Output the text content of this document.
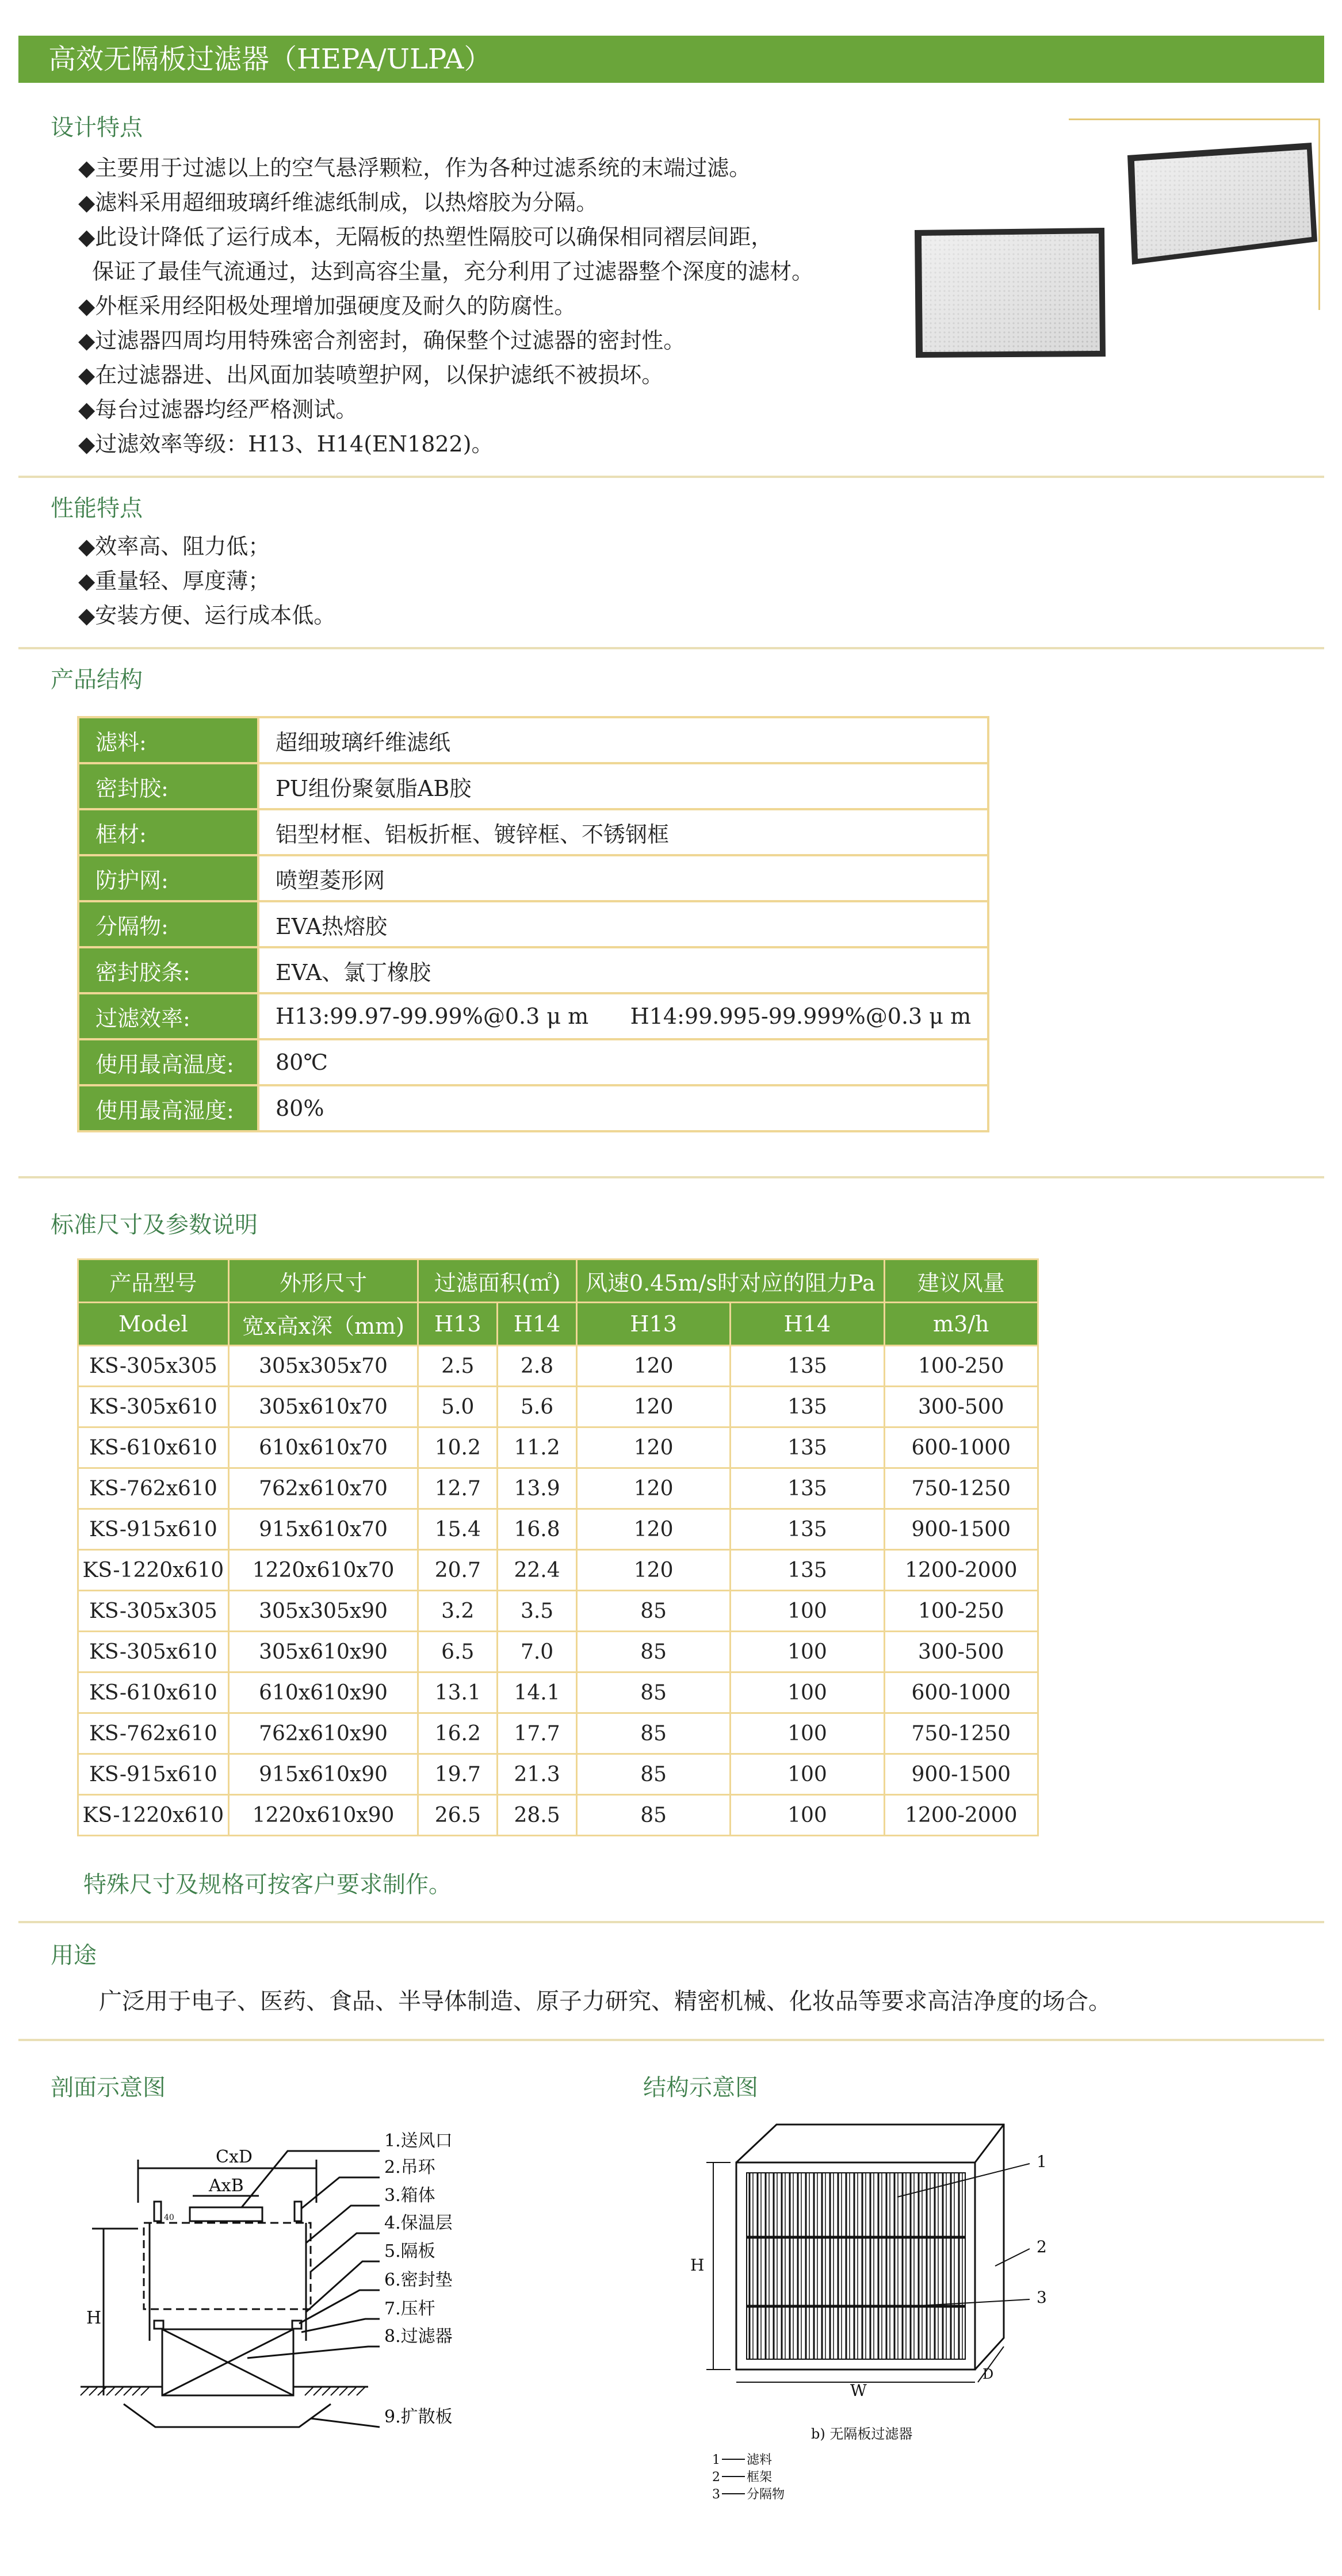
高效无隔板过滤器（HEPA/ULPA）
设计特点
◆主要用于过滤以上的空气悬浮颗粒，作为各种过滤系统的末端过滤。
◆滤料采用超细玻璃纤维滤纸制成，以热熔胶为分隔。
◆此设计降低了运行成本，无隔板的热塑性隔胶可以确保相同褶层间距，
保证了最佳气流通过，达到高容尘量，充分利用了过滤器整个深度的滤材。
◆外框采用经阳极处理增加强硬度及耐久的防腐性。
◆过滤器四周均用特殊密合剂密封，确保整个过滤器的密封性。
◆在过滤器进、出风面加装喷塑护网，以保护滤纸不被损坏。
◆每台过滤器均经严格测试。
◆过滤效率等级：H13、H14(EN1822)。
性能特点
◆效率高、阻力低；
◆重量轻、厚度薄；
◆安装方便、运行成本低。
产品结构
滤料:	超细玻璃纤维滤纸
密封胶:	PU组份聚氨脂AB胶
框材:	铝型材框、铝板折框、镀锌框、不锈钢框
防护网:	喷塑菱形网
分隔物:	EVA热熔胶
密封胶条:	EVA、氯丁橡胶
过滤效率:	H13:99.97-99.99%@0.3 μ m      H14:99.995-99.999%@0.3 μ m
使用最高温度:	80℃
使用最高湿度:	80%
标准尺寸及参数说明
产品型号	外形尺寸	过滤面积(㎡)		风速0.45m/s时对应的阻力Pa		建议风量
Model	宽x高x深（mm)	H13	H14	H13	H14	m3/h
KS-305x305	305x305x70	2.5	2.8	120	135	100-250
KS-305x610	305x610x70	5.0	5.6	120	135	300-500
KS-610x610	610x610x70	10.2	11.2	120	135	600-1000
KS-762x610	762x610x70	12.7	13.9	120	135	750-1250
KS-915x610	915x610x70	15.4	16.8	120	135	900-1500
KS-1220x610	1220x610x70	20.7	22.4	120	135	1200-2000
KS-305x305	305x305x90	3.2	3.5	85	100	100-250
KS-305x610	305x610x90	6.5	7.0	85	100	300-500
KS-610x610	610x610x90	13.1	14.1	85	100	600-1000
KS-762x610	762x610x90	16.2	17.7	85	100	750-1250
KS-915x610	915x610x90	19.7	21.3	85	100	900-1500
KS-1220x610	1220x610x90	26.5	28.5	85	100	1200-2000
特殊尺寸及规格可按客户要求制作。
用途
广泛用于电子、医药、食品、半导体制造、原子力研究、精密机械、化妆品等要求高洁净度的场合。
剖面示意图	结构示意图
CxD
AxB
H
40
1.送风口
2.吊环
3.箱体
4.保温层
5.隔板
6.密封垫
7.压杆
8.过滤器
9.扩散板
1
2
3
H
W
D
b) 无隔板过滤器
1 滤料
2 框架
3 分隔物
